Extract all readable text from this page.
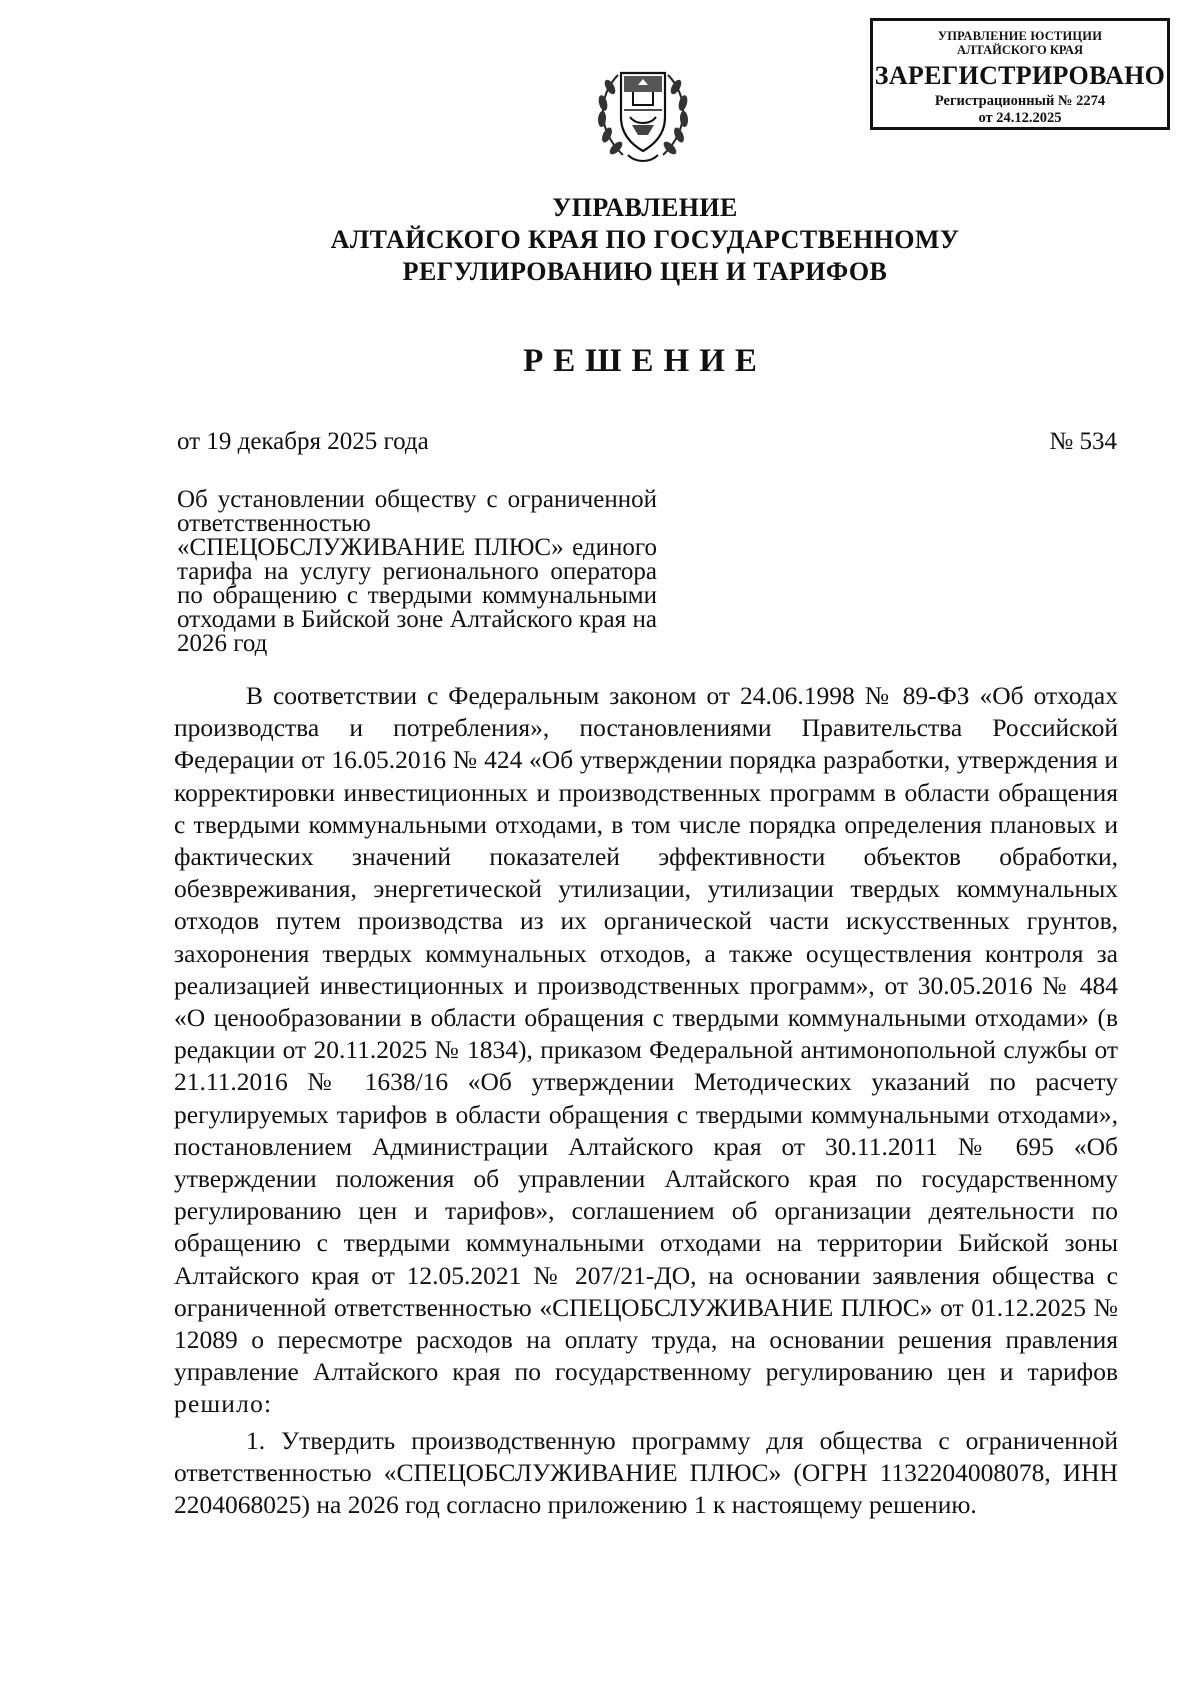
УПРАВЛЕНИЕ ЮСТИЦИИ
АЛТАЙСКОГО КРАЯ
ЗАРЕГИСТРИРОВАНО
Регистрационный № 2274
от 24.12.2025
УПРАВЛЕНИЕ
АЛТАЙСКОГО КРАЯ ПО ГОСУДАРСТВЕННОМУ
РЕГУЛИРОВАНИЮ ЦЕН И ТАРИФОВ
РЕШЕНИЕ
от 19 декабря 2025 года	№ 534
Об установлении обществу с ограниченной ответственностью «СПЕЦОБСЛУЖИВАНИЕ ПЛЮС» единого тарифа на услугу регионального оператора по обращению с твердыми коммунальными отходами в Бийской зоне Алтайского края на 2026 год

В соответствии с Федеральным законом от 24.06.1998 № 89-ФЗ «Об отходах производства и потребления», постановлениями Правительства Российской Федерации от 16.05.2016 № 424 «Об утверждении порядка разработки, утверждения и корректировки инвестиционных и производственных программ в области обращения с твердыми коммунальными отходами, в том числе порядка определения плановых и фактических значений показателей эффективности объектов обработки, обезвреживания, энергетической утилизации, утилизации твердых коммунальных отходов путем производства из их органической части искусственных грунтов, захоронения твердых коммунальных отходов, а также осуществления контроля за реализацией инвестиционных и производственных программ», от 30.05.2016 № 484 «О ценообразовании в области обращения с твердыми коммунальными отходами» (в редакции от 20.11.2025 № 1834), приказом Федеральной антимонопольной службы от 21.11.2016 № 1638/16 «Об утверждении Методических указаний по расчету регулируемых тарифов в области обращения с твердыми коммунальными отходами», постановлением Администрации Алтайского края от 30.11.2011 № 695 «Об утверждении положения об управлении Алтайского края по государственному регулированию цен и тарифов», соглашением об организации деятельности по обращению с твердыми коммунальными отходами на территории Бийской зоны Алтайского края от 12.05.2021 № 207/21-ДО, на основании заявления общества с ограниченной ответственностью «СПЕЦОБСЛУЖИВАНИЕ ПЛЮС» от 01.12.2025 № 12089 о пересмотре расходов на оплату труда, на основании решения правления управление Алтайского края по государственному регулированию цен и тарифов решило:

1. Утвердить производственную программу для общества с ограниченной ответственностью «СПЕЦОБСЛУЖИВАНИЕ ПЛЮС» (ОГРН 1132204008078, ИНН 2204068025) на 2026 год согласно приложению 1 к настоящему решению.
